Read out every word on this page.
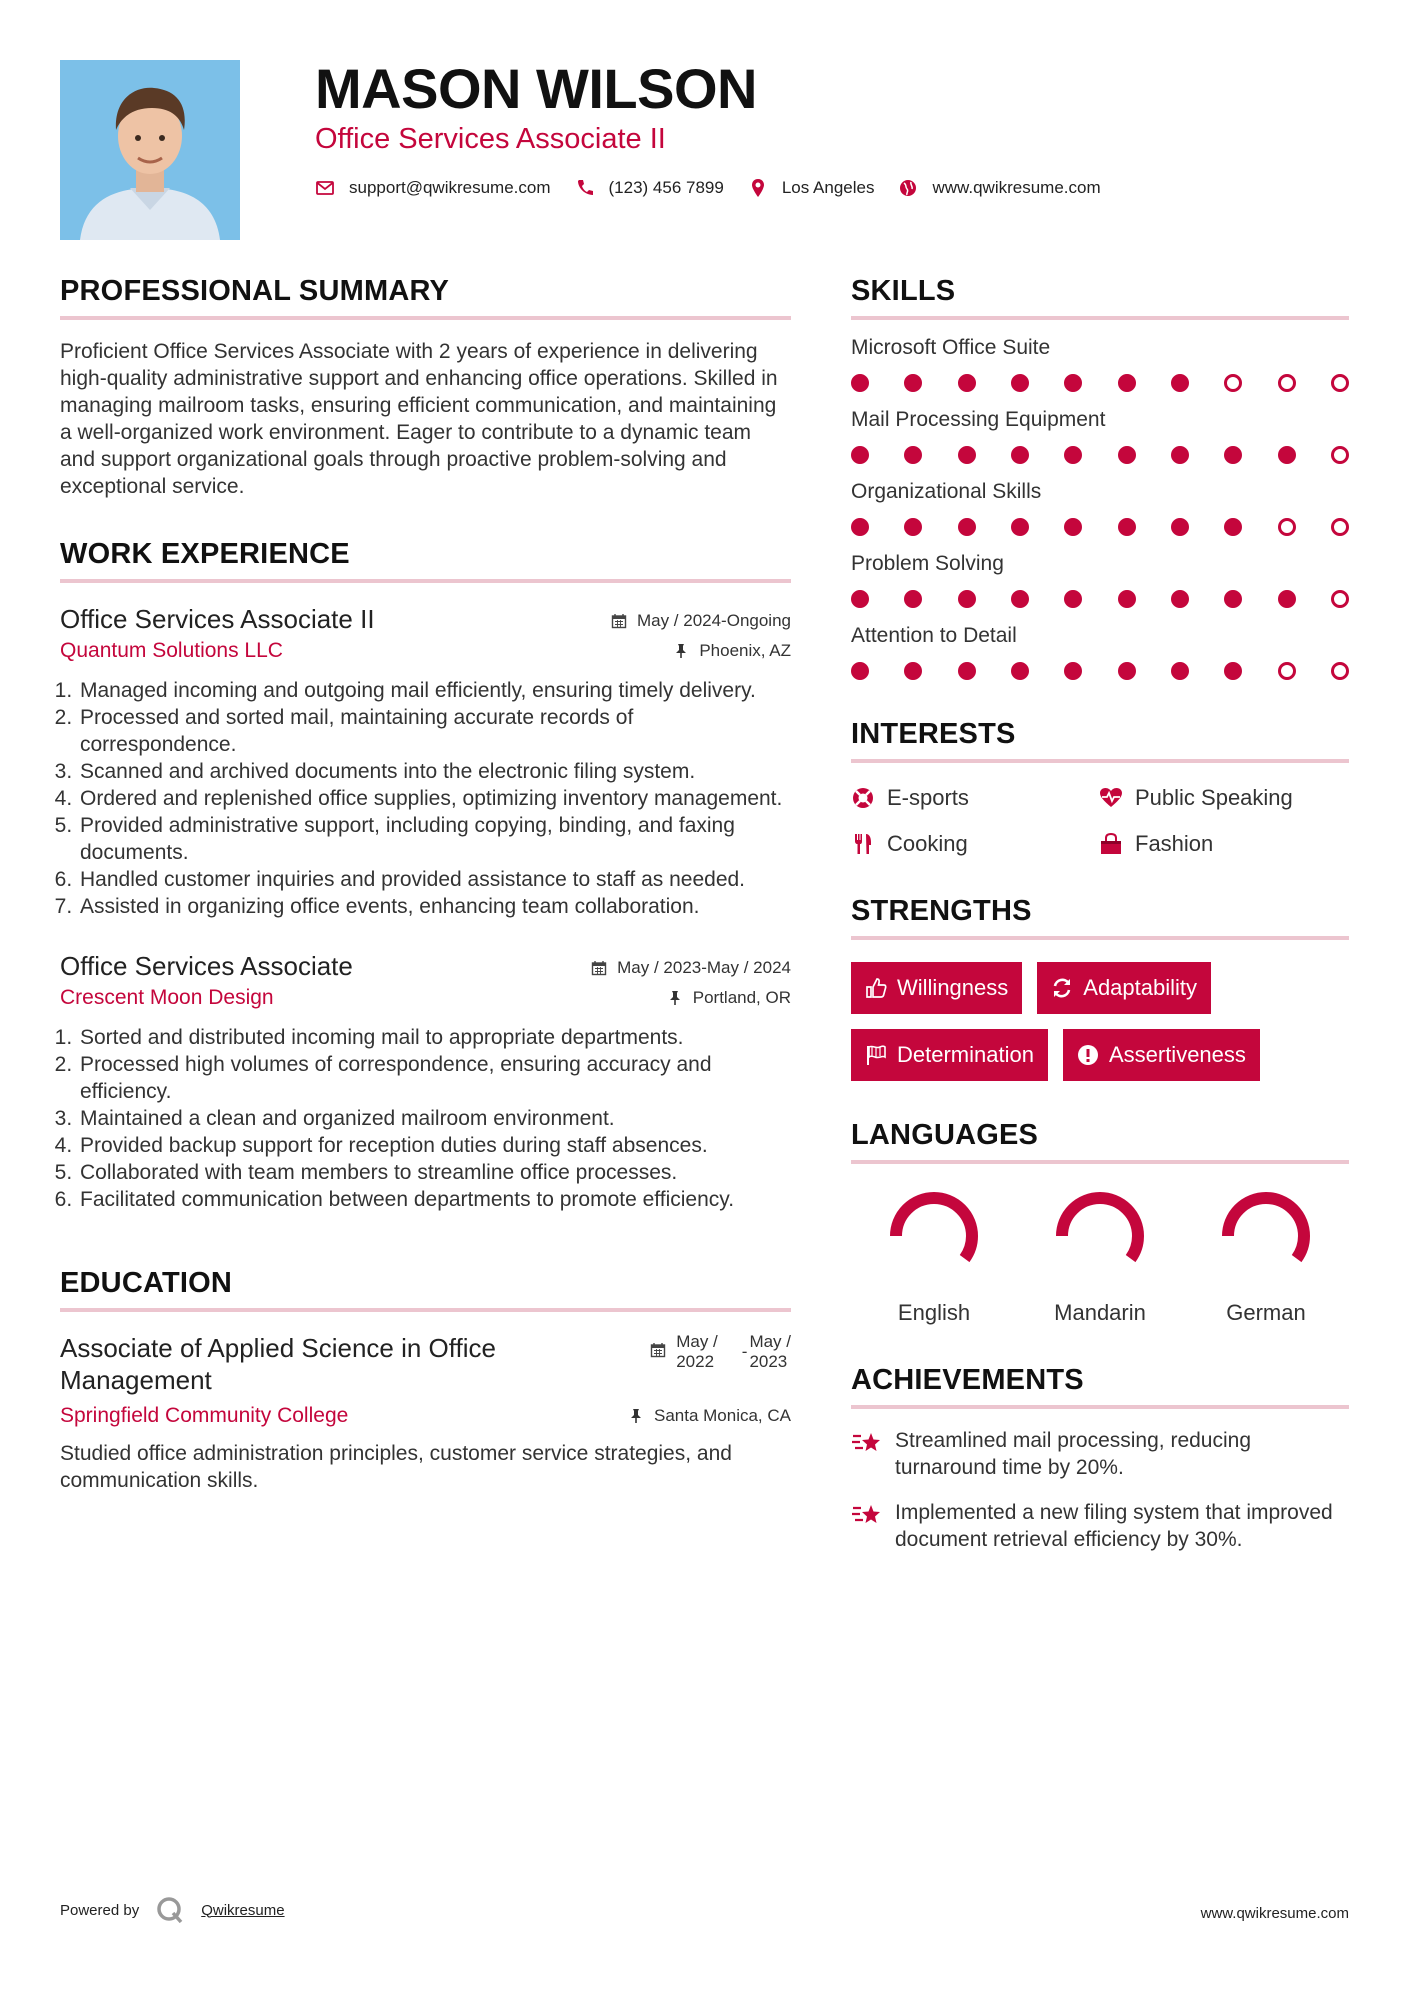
MASON WILSON
Office Services Associate II
support@qwikresume.com	(123) 456 7899	Los Angeles	www.qwikresume.com
PROFESSIONAL SUMMARY

Proficient Office Services Associate with 2 years of experience in delivering high-quality administrative support and enhancing office operations. Skilled in managing mailroom tasks, ensuring efficient communication, and maintaining a well-organized work environment. Eager to contribute to a dynamic team and support organizational goals through proactive problem-solving and exceptional service.

WORK EXPERIENCE
Office Services Associate II	May / 2024-Ongoing
Quantum Solutions LLC	Phoenix, AZ
1. Managed incoming and outgoing mail efficiently, ensuring timely delivery.
2. Processed and sorted mail, maintaining accurate records of correspondence.
3. Scanned and archived documents into the electronic filing system.
4. Ordered and replenished office supplies, optimizing inventory management.
5. Provided administrative support, including copying, binding, and faxing documents.
6. Handled customer inquiries and provided assistance to staff as needed.
7. Assisted in organizing office events, enhancing team collaboration.
Office Services Associate	May / 2023-May / 2024
Crescent Moon Design	Portland, OR
1. Sorted and distributed incoming mail to appropriate departments.
2. Processed high volumes of correspondence, ensuring accuracy and efficiency.
3. Maintained a clean and organized mailroom environment.
4. Provided backup support for reception duties during staff absences.
5. Collaborated with team members to streamline office processes.
6. Facilitated communication between departments to promote efficiency.
EDUCATION
Associate of Applied Science in Office Management
May /
2022
-
May /
2023
Springfield Community College	Santa Monica, CA

Studied office administration principles, customer service strategies, and communication skills.

SKILLS
Microsoft Office Suite
Mail Processing Equipment
Organizational Skills
Problem Solving
Attention to Detail
INTERESTS
E-sports	Public Speaking
Cooking	Fashion
STRENGTHS
Willingness	Adaptability
Determination	Assertiveness
LANGUAGES
English	Mandarin	German
ACHIEVEMENTS
Streamlined mail processing, reducing turnaround time by 20%.
Implemented a new filing system that improved document retrieval efficiency by 30%.
Powered by	Qwikresume	www.qwikresume.com
